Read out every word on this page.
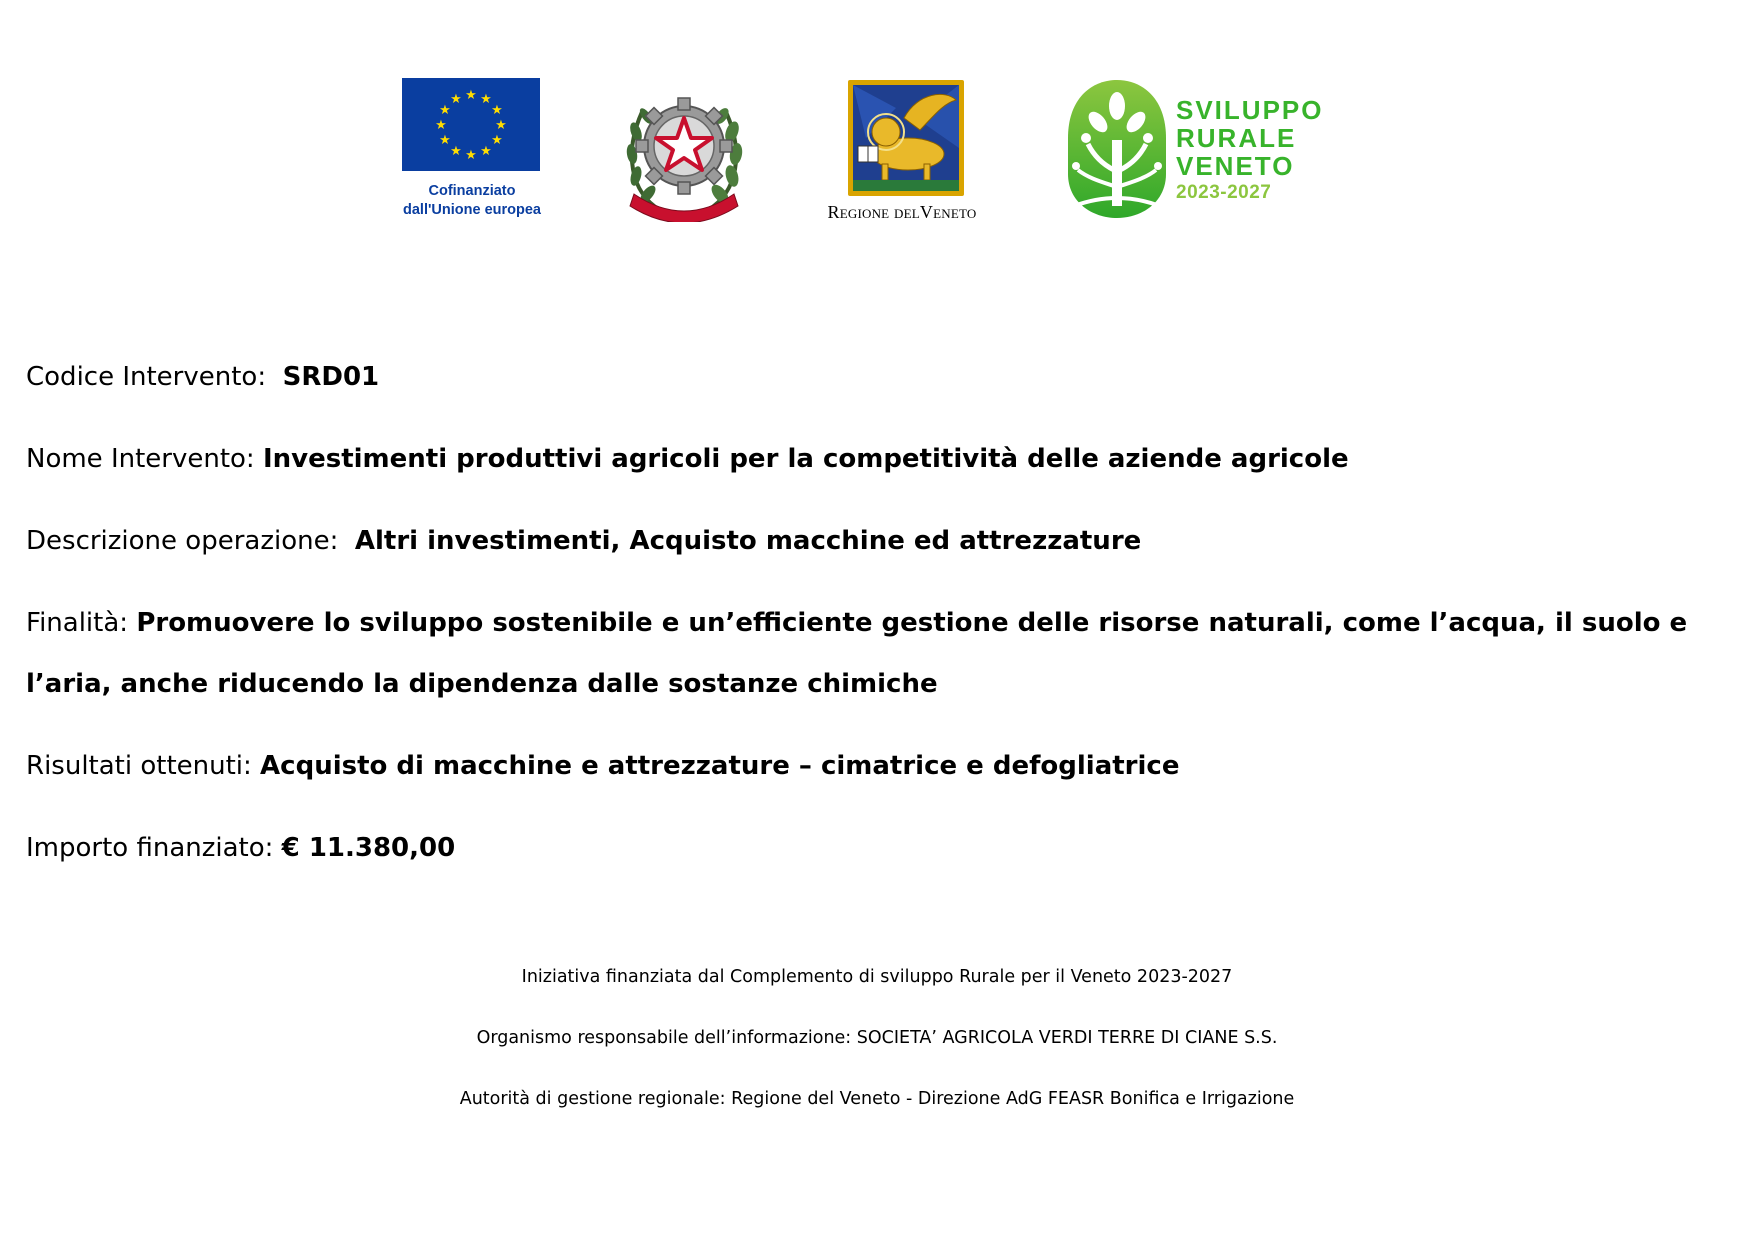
★ ★
★
★
★
★
★
★
★
★
★
★
Cofinanziato
dall'Unione europea	Regione delVeneto
SVILUPPO
RURALE
VENETO
2023-2027
Codice Intervento: SRD01
Nome Intervento: Investimenti produttivi agricoli per la competitività delle aziende agricole
Descrizione operazione: Altri investimenti, Acquisto macchine ed attrezzature
Finalità: Promuovere lo sviluppo sostenibile e un’efficiente gestione delle risorse naturali, come l’acqua, il suolo e l’aria, anche riducendo la dipendenza dalle sostanze chimiche
Risultati ottenuti: Acquisto di macchine e attrezzature – cimatrice e defogliatrice
Importo finanziato: € 11.380,00

Iniziativa finanziata dal Complemento di sviluppo Rurale per il Veneto 2023-2027

Organismo responsabile dell’informazione: SOCIETA’ AGRICOLA VERDI TERRE DI CIANE S.S.

Autorità di gestione regionale: Regione del Veneto - Direzione AdG FEASR Bonifica e Irrigazione
